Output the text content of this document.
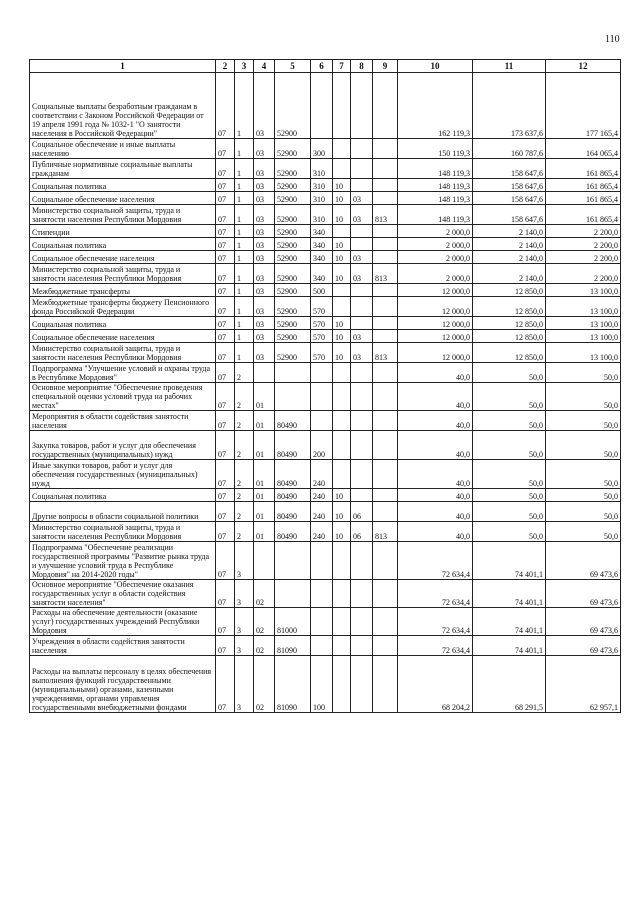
110
1	2	3	4	5	6	7	8	9	10	11	12
Социальные выплаты безработным гражданам в соответствии с Законом Российской Федерации от 19 апреля 1991 года № 1032-1 "О занятости населения в Российской Федерации"	07	1	03	52900					162 119,3	173 637,6	177 165,4
Социальное обеспечение и иные выплаты населению	07	1	03	52900	300				150 119,3	160 787,6	164 065,4
Публичные нормативные социальные выплаты гражданам	07	1	03	52900	310				148 119,3	158 647,6	161 865,4
Социальная политика	07	1	03	52900	310	10			148 119,3	158 647,6	161 865,4
Социальное обеспечение населения	07	1	03	52900	310	10	03		148 119,3	158 647,6	161 865,4
Министерство социальной защиты, труда и занятости населения Республики Мордовия	07	1	03	52900	310	10	03	813	148 119,3	158 647,6	161 865,4
Стипендии	07	1	03	52900	340				2 000,0	2 140,0	2 200,0
Социальная политика	07	1	03	52900	340	10			2 000,0	2 140,0	2 200,0
Социальное обеспечение населения	07	1	03	52900	340	10	03		2 000,0	2 140,0	2 200,0
Министерство социальной защиты, труда и занятости населения Республики Мордовия	07	1	03	52900	340	10	03	813	2 000,0	2 140,0	2 200,0
Межбюджетные трансферты	07	1	03	52900	500				12 000,0	12 850,0	13 100,0
Межбюджетные трансферты бюджету Пенсионного фонда Российской Федерации	07	1	03	52900	570				12 000,0	12 850,0	13 100,0
Социальная политика	07	1	03	52900	570	10			12 000,0	12 850,0	13 100,0
Социальное обеспечение населения	07	1	03	52900	570	10	03		12 000,0	12 850,0	13 100,0
Министерство социальной защиты, труда и занятости населения Республики Мордовия	07	1	03	52900	570	10	03	813	12 000,0	12 850,0	13 100,0
Подпрограмма "Улучшение условий и охраны труда в Республике Мордовия"	07	2							40,0	50,0	50,0
Основное мероприятие "Обеспечение проведения специальной оценки условий труда на рабочих местах"	07	2	01						40,0	50,0	50,0
Мероприятия в области содействия занятости населения	07	2	01	80490					40,0	50,0	50,0
Закупка товаров, работ и услуг для обеспечения государственных (муниципальных) нужд	07	2	01	80490	200				40,0	50,0	50,0
Иные закупки товаров, работ и услуг для обеспечения государственных (муниципальных) нужд	07	2	01	80490	240				40,0	50,0	50,0
Социальная политика	07	2	01	80490	240	10			40,0	50,0	50,0
Другие вопросы в области социальной политики	07	2	01	80490	240	10	06		40,0	50,0	50,0
Министерство социальной защиты, труда и занятости населения Республики Мордовия	07	2	01	80490	240	10	06	813	40,0	50,0	50,0
Подпрограмма "Обеспечение реализации государственной программы "Развитие рынка труда и улучшение условий труда в Республике Мордовия" на 2014-2020 годы"	07	3							72 634,4	74 401,1	69 473,6
Основное мероприятие "Обеспечение оказания государственных услуг в области содействия занятости населения"	07	3	02						72 634,4	74 401,1	69 473,6
Расходы на обеспечение деятельности (оказание услуг) государственных учреждений Республики Мордовия	07	3	02	81000					72 634,4	74 401,1	69 473,6
Учреждения в области содействия занятости населения	07	3	02	81090					72 634,4	74 401,1	69 473,6
Расходы на выплаты персоналу в целях обеспечения выполнения функций государственными (муниципальными) органами, казенными учреждениями, органами управления государственными внебюджетными фондами	07	3	02	81090	100				68 204,2	68 291,5	62 957,1
